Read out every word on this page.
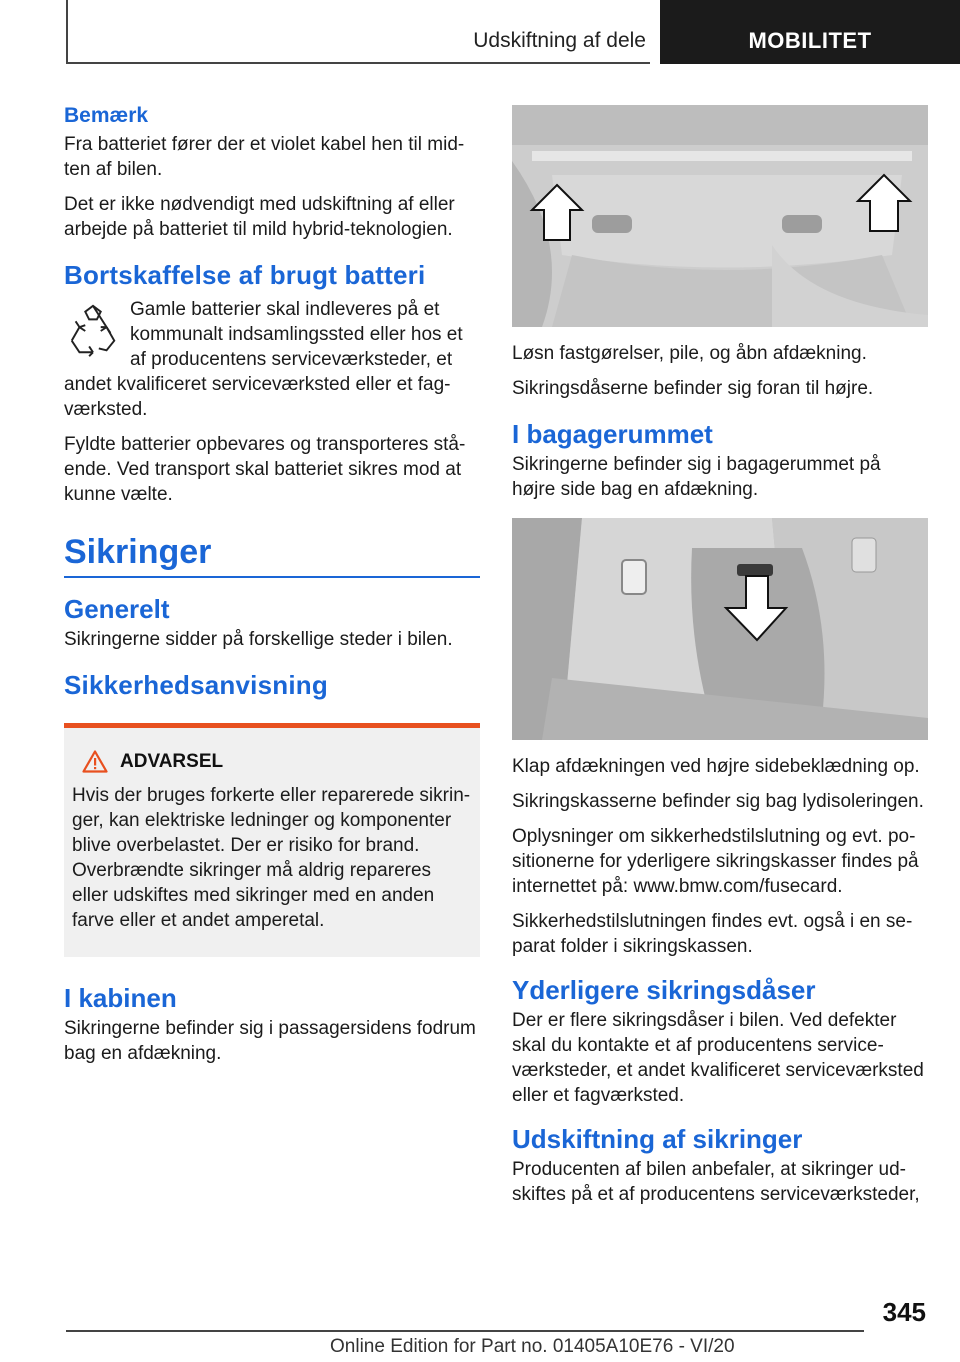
Udskiftning af dele	MOBILITET
Bemærk

Fra batteriet fører der et violet kabel hen til midten af bilen.

Det er ikke nødvendigt med udskiftning af eller arbejde på batteriet til mild hybrid-teknologien.

Bortskaffelse af brugt batteri

Gamle batterier skal indleveres på et kommunalt indsamlingssted eller hos et af producentens serviceværksteder, et andet kvalificeret serviceværksted eller et fagværksted.

Fyldte batterier opbevares og transporteres stående. Ved transport skal batteriet sikres mod at kunne vælte.

Sikringer
Generelt

Sikringerne sidder på forskellige steder i bilen.

Sikkerhedsanvisning
ADVARSEL

Hvis der bruges forkerte eller reparerede sikringer, kan elektriske ledninger og komponenter blive overbelastet. Der er risiko for brand. Overbrændte sikringer må aldrig repareres eller udskiftes med sikringer med en anden farve eller et andet amperetal.

I kabinen

Sikringerne befinder sig i passagersidens fodrum bag en afdækning.

Løsn fastgørelser, pile, og åbn afdækning.

Sikringsdåserne befinder sig foran til højre.

I bagagerummet

Sikringerne befinder sig i bagagerummet på højre side bag en afdækning.

Klap afdækningen ved højre sidebeklædning op.

Sikringskasserne befinder sig bag lydisoleringen.

Oplysninger om sikkerhedstilslutning og evt. positionerne for yderligere sikringskasser findes på internettet på: www.bmw.com/fusecard.

Sikkerhedstilslutningen findes evt. også i en separat folder i sikringskassen.

Yderligere sikringsdåser

Der er flere sikringsdåser i bilen. Ved defekter skal du kontakte et af producentens serviceværksteder, et andet kvalificeret serviceværksted eller et fagværksted.

Udskiftning af sikringer

Producenten af bilen anbefaler, at sikringer udskiftes på et af producentens serviceværksteder,

345
Online Edition for Part no. 01405A10E76 - VI/20
